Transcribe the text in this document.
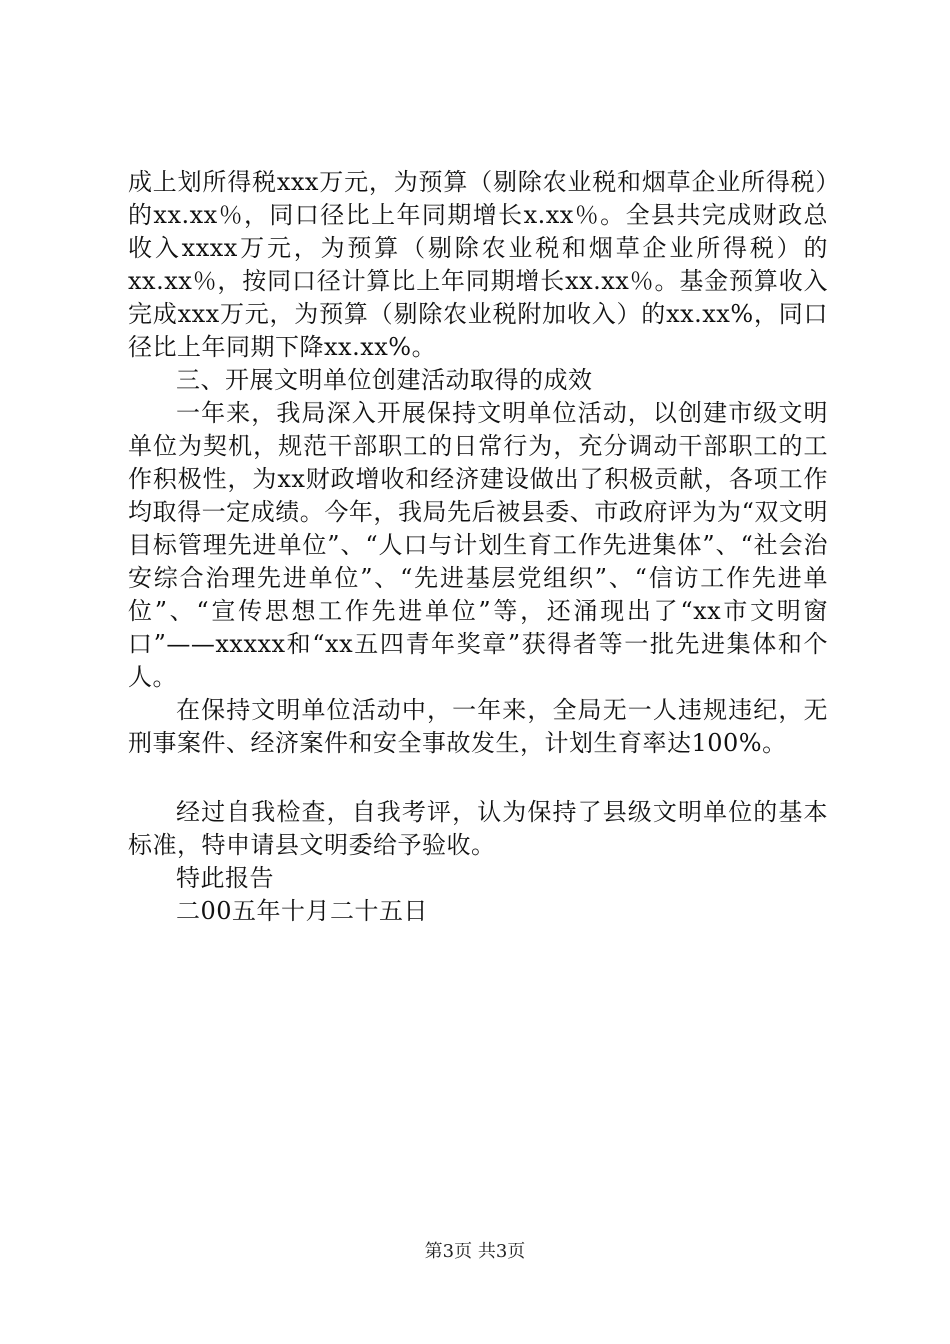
成上划所得税xxx万元，为预算（剔除农业税和烟草企业所得税）的xx.xx％，同口径比上年同期增长x.xx％。全县共完成财政总收入xxxx万元，为预算（剔除农业税和烟草企业所得税）的xx.xx％，按同口径计算比上年同期增长xx.xx％。基金预算收入完成xxx万元，为预算（剔除农业税附加收入）的xx.xx%，同口径比上年同期下降xx.xx%。

三、开展文明单位创建活动取得的成效

一年来，我局深入开展保持文明单位活动，以创建市级文明单位为契机，规范干部职工的日常行为，充分调动干部职工的工作积极性，为xx财政增收和经济建设做出了积极贡献，各项工作均取得一定成绩。今年，我局先后被县委、市政府评为为“双文明目标管理先进单位”、“人口与计划生育工作先进集体”、“社会治安综合治理先进单位”、“先进基层党组织”、“信访工作先进单位”、“宣传思想工作先进单位”等，还涌现出了“xx市文明窗口”——xxxxx和“xx五四青年奖章”获得者等一批先进集体和个人。

在保持文明单位活动中，一年来，全局无一人违规违纪，无刑事案件、经济案件和安全事故发生，计划生育率达100%。

经过自我检查，自我考评，认为保持了县级文明单位的基本标准，特申请县文明委给予验收。

特此报告

二00五年十月二十五日

第3页 共3页
